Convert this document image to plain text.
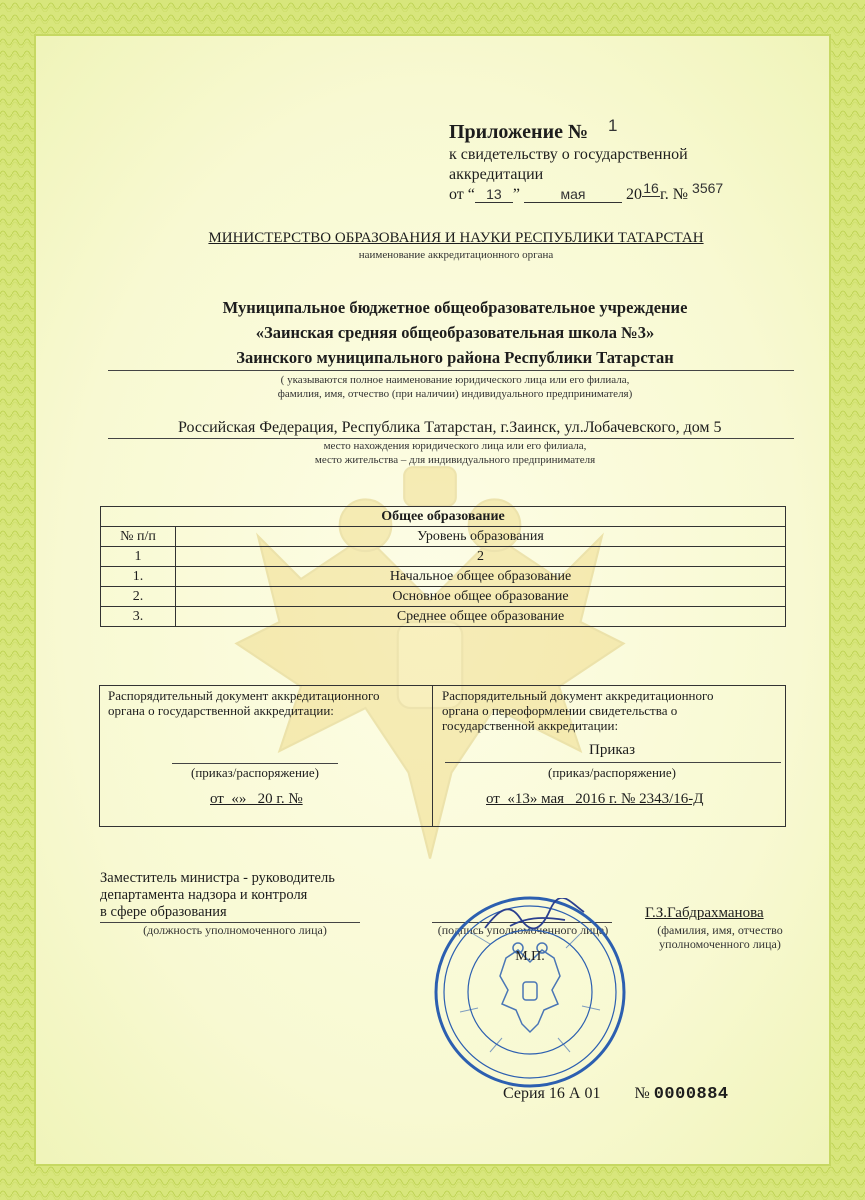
Приложение № 1
к свидетельству о государственной
аккредитации
от “ 13 ”	мая	2016г. № 3567
МИНИСТЕРСТВО ОБРАЗОВАНИЯ И НАУКИ РЕСПУБЛИКИ ТАТАРСТАН
наименование аккредитационного органа
Муниципальное бюджетное общеобразовательное учреждение
«Заинская средняя общеобразовательная школа №3»
Заинского муниципального района Республики Татарстан
( указываются полное наименование юридического лица или его филиала,
фамилия, имя, отчество (при наличии) индивидуального предпринимателя)
Российская Федерация, Республика Татарстан, г.Заинск, ул.Лобачевского, дом 5
место нахождения юридического лица или его филиала,
место жительства – для индивидуального предпринимателя
Общее образование	
№ п/п	Уровень образования
1	2
1.	Начальное общее образование
2.	Основное общее образование
3.	Среднее общее образование
Распорядительный документ аккредитационного
органа о государственной аккредитации:
(приказ/распоряжение)
от  «»   20 г. №
Распорядительный документ аккредитационного
органа о переоформлении свидетельства о
государственной аккредитации:
Приказ
(приказ/распоряжение)
от  «13» мая   2016 г. № 2343/16-Д
Заместитель министра - руководитель
департамента надзора и контроля
в сфере образования
(должность уполномоченного лица)	(подпись уполномоченного лица)
Г.З.Габдрахманова
(фамилия, имя, отчество
уполномоченного лица)
М.П.
Серия 16 А 01 № 0000884
